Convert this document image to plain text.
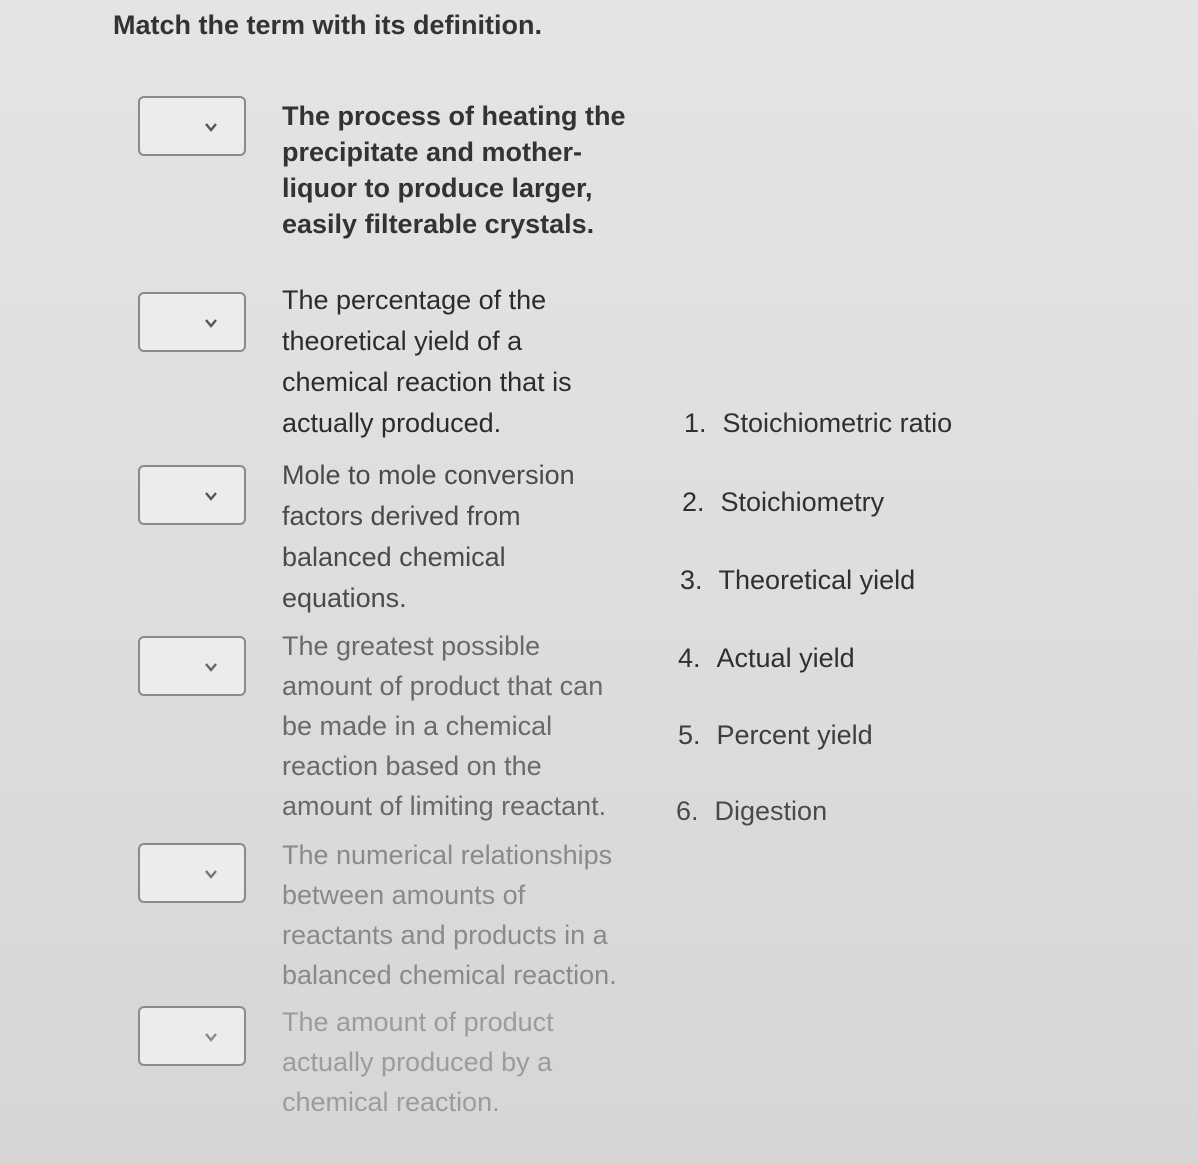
Match the term with its definition.
The process of heating the
precipitate and mother-
liquor to produce larger,
easily filterable crystals.
The percentage of the
theoretical yield of a
chemical reaction that is
actually produced.
Mole to mole conversion
factors derived from
balanced chemical
equations.
The greatest possible
amount of product that can
be made in a chemical
reaction based on the
amount of limiting reactant.
The numerical relationships
between amounts of
reactants and products in a
balanced chemical reaction.
The amount of product
actually produced by a
chemical reaction.
1. Stoichiometric ratio
2. Stoichiometry
3. Theoretical yield
4. Actual yield
5. Percent yield
6. Digestion
